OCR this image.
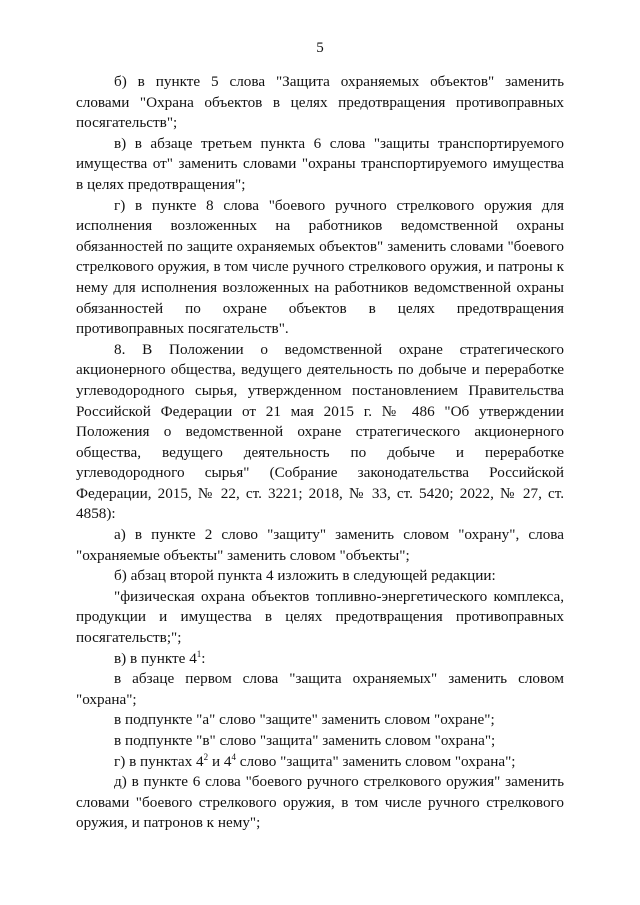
5

б) в пункте 5 слова "Защита охраняемых объектов" заменить словами "Охрана объектов в целях предотвращения противоправных посягательств";

в) в абзаце третьем пункта 6 слова "защиты транспортируемого имущества от" заменить словами "охраны транспортируемого имущества в целях предотвращения";

г) в пункте 8 слова "боевого ручного стрелкового оружия для исполнения возложенных на работников ведомственной охраны обязанностей по защите охраняемых объектов" заменить словами "боевого стрелкового оружия, в том числе ручного стрелкового оружия, и патроны к нему для исполнения возложенных на работников ведомственной охраны обязанностей по охране объектов в целях предотвращения противоправных посягательств".

8. В Положении о ведомственной охране стратегического акционерного общества, ведущего деятельность по добыче и переработке углеводородного сырья, утвержденном постановлением Правительства Российской Федерации от 21 мая 2015 г. № 486 "Об утверждении Положения о ведомственной охране стратегического акционерного общества, ведущего деятельность по добыче и переработке углеводородного сырья" (Собрание законодательства Российской Федерации, 2015, № 22, ст. 3221; 2018, № 33, ст. 5420; 2022, № 27, ст. 4858):

а) в пункте 2 слово "защиту" заменить словом "охрану", слова "охраняемые объекты" заменить словом "объекты";

б) абзац второй пункта 4 изложить в следующей редакции:

"физическая охрана объектов топливно-энергетического комплекса, продукции и имущества в целях предотвращения противоправных посягательств;";

в) в пункте $4^1$:

в абзаце первом слова "защита охраняемых" заменить словом "охрана";

в подпункте "а" слово "защите" заменить словом "охране";

в подпункте "в" слово "защита" заменить словом "охрана";

г) в пунктах $4^2$ и $4^4$ слово "защита" заменить словом "охрана";

д) в пункте 6 слова "боевого ручного стрелкового оружия" заменить словами "боевого стрелкового оружия, в том числе ручного стрелкового оружия, и патронов к нему";
